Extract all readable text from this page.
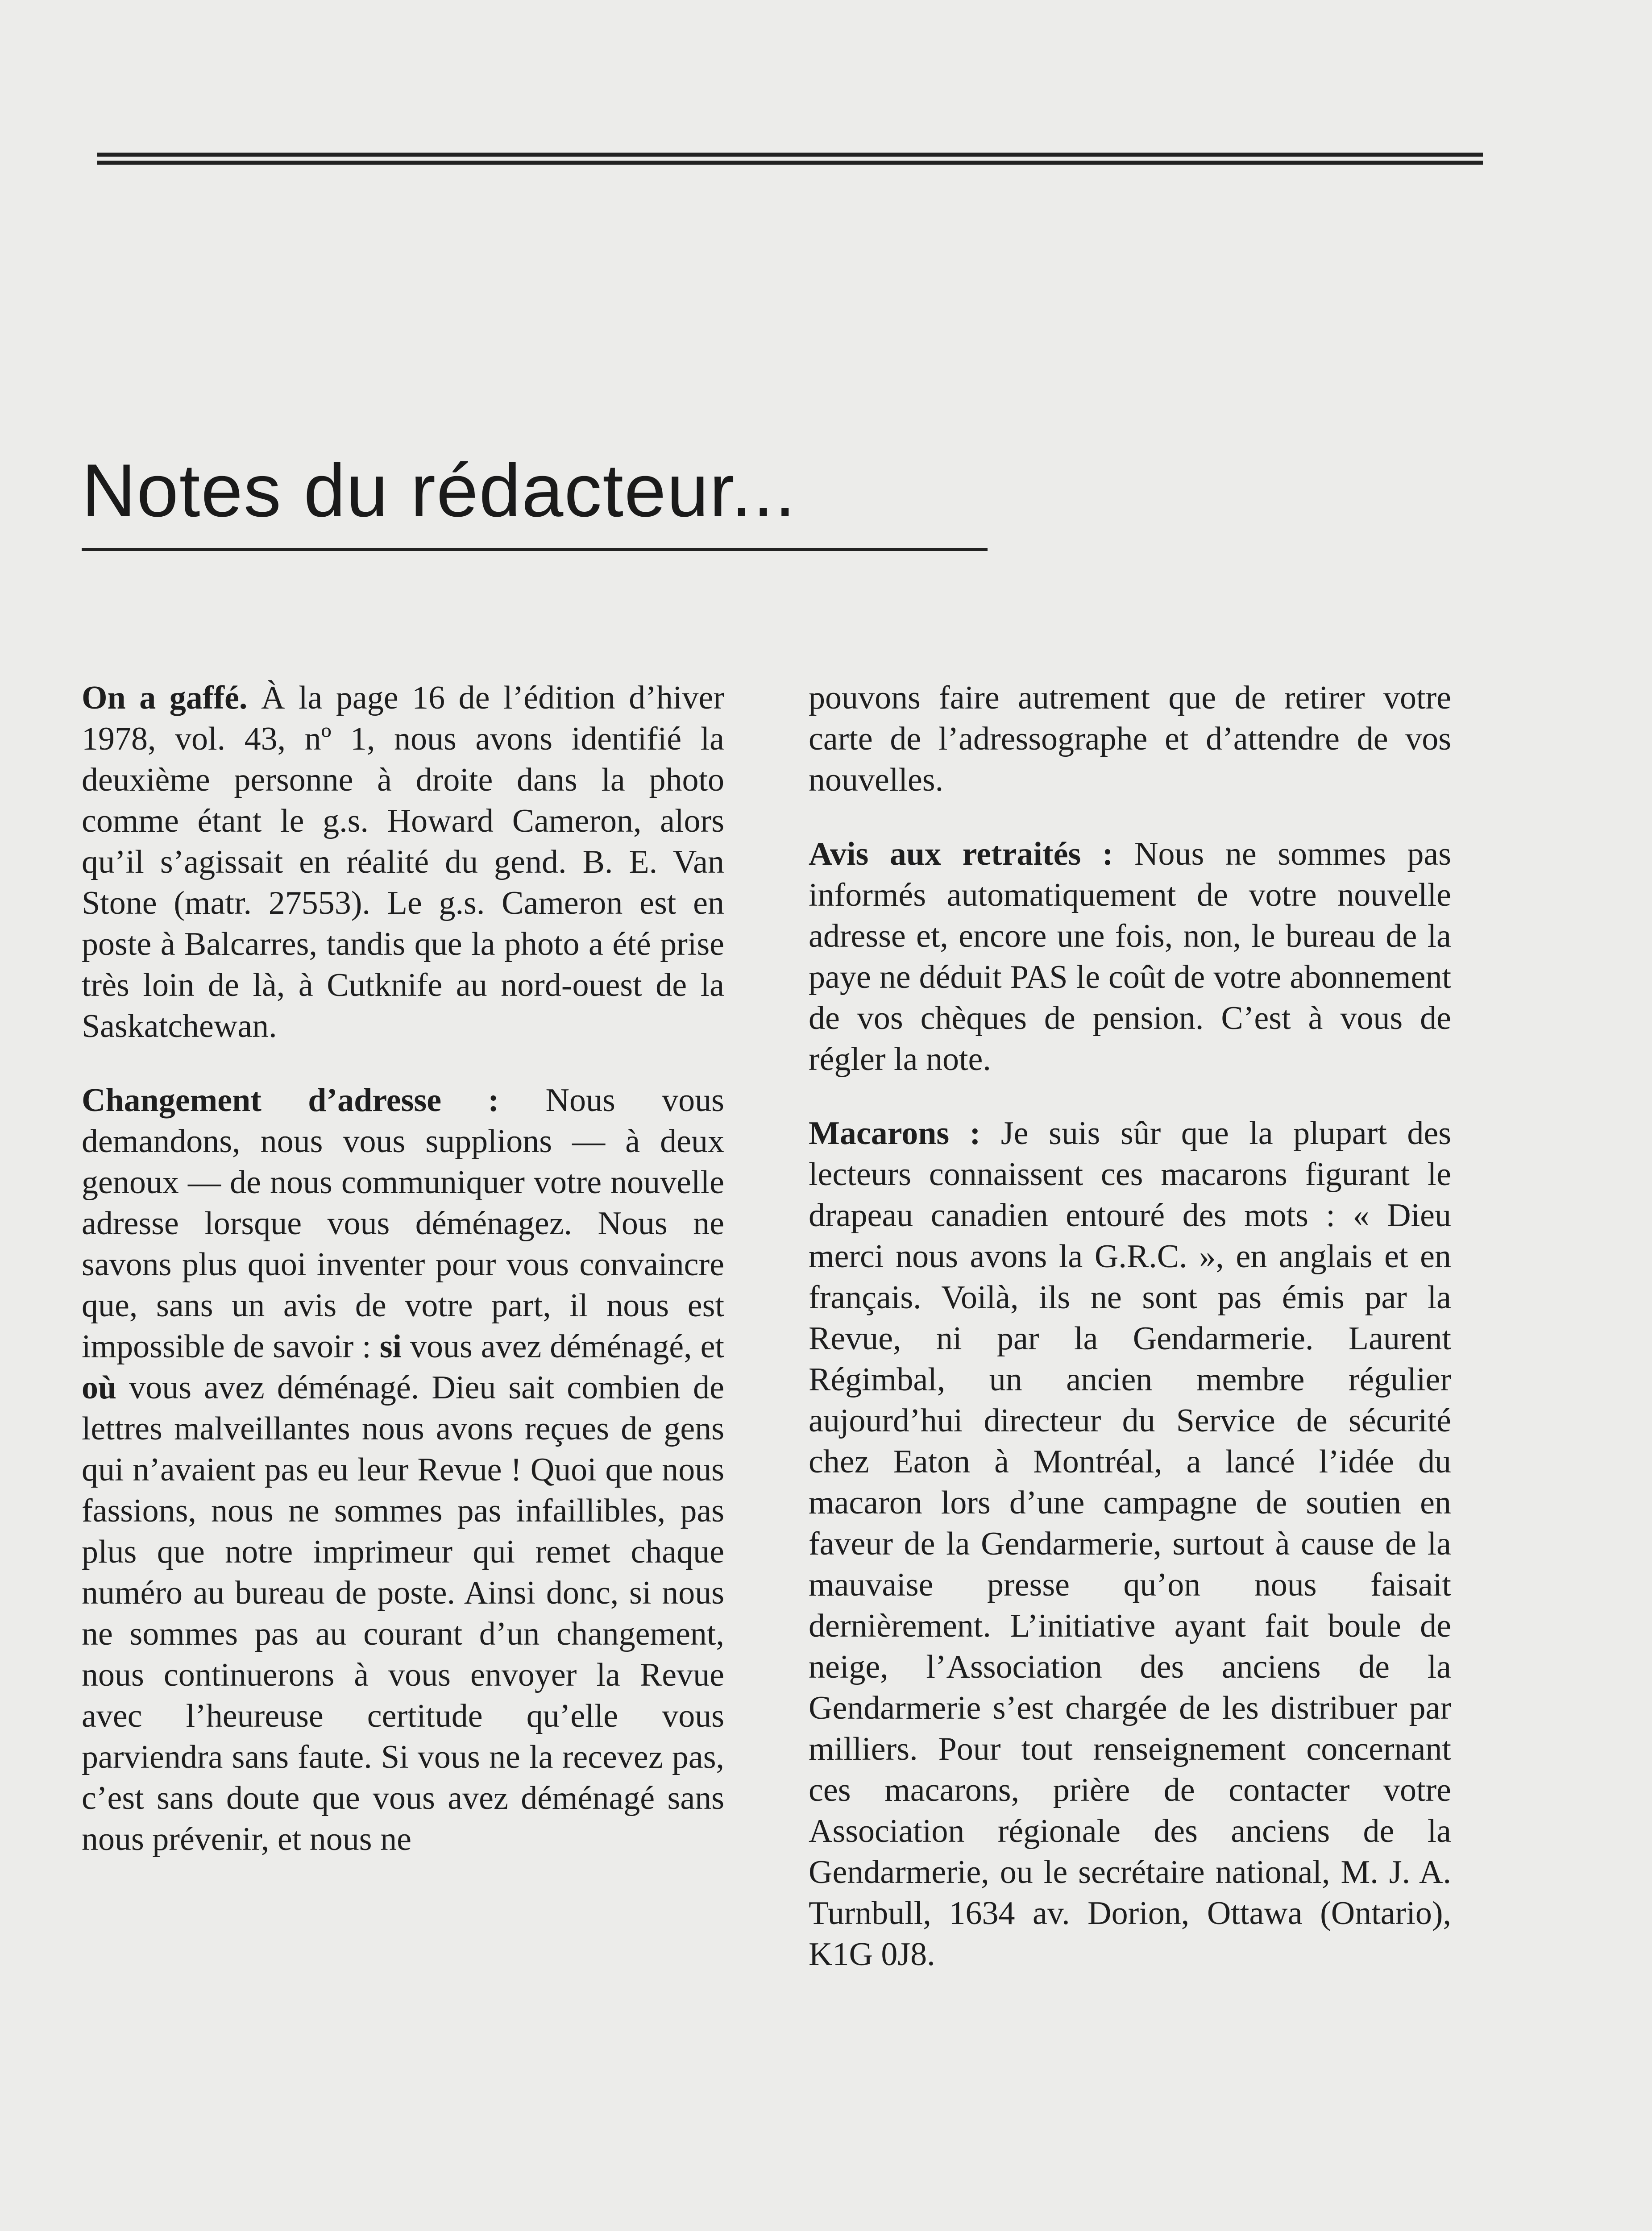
Notes du rédacteur...

On a gaffé. À la page 16 de l’édition d’hiver 1978, vol. 43, nº 1, nous avons identifié la deuxième personne à droite dans la photo comme étant le g.s. Howard Cameron, alors qu’il s’agissait en réalité du gend. B. E. Van Stone (matr. 27553). Le g.s. Cameron est en poste à Balcarres, tandis que la photo a été prise très loin de là, à Cutknife au nord-ouest de la Saskatchewan.

Changement d’adresse : Nous vous demandons, nous vous supplions — à deux genoux — de nous communiquer votre nouvelle adresse lorsque vous déménagez. Nous ne savons plus quoi inventer pour vous convaincre que, sans un avis de votre part, il nous est impossible de savoir : si vous avez déménagé, et où vous avez déménagé. Dieu sait combien de lettres malveillantes nous avons reçues de gens qui n’avaient pas eu leur Revue ! Quoi que nous fassions, nous ne sommes pas infaillibles, pas plus que notre imprimeur qui remet chaque numéro au bureau de poste. Ainsi donc, si nous ne sommes pas au courant d’un changement, nous continuerons à vous envoyer la Revue avec l’heureuse certitude qu’elle vous parviendra sans faute. Si vous ne la recevez pas, c’est sans doute que vous avez déménagé sans nous prévenir, et nous ne

pouvons faire autrement que de retirer votre carte de l’adressographe et d’attendre de vos nouvelles.

Avis aux retraités : Nous ne sommes pas informés automatiquement de votre nouvelle adresse et, encore une fois, non, le bureau de la paye ne déduit PAS le coût de votre abonnement de vos chèques de pension. C’est à vous de régler la note.

Macarons : Je suis sûr que la plupart des lecteurs connaissent ces macarons figurant le drapeau canadien entouré des mots : « Dieu merci nous avons la G.R.C. », en anglais et en français. Voilà, ils ne sont pas émis par la Revue, ni par la Gendarmerie. Laurent Régimbal, un ancien membre régulier aujourd’hui directeur du Service de sécurité chez Eaton à Montréal, a lancé l’idée du macaron lors d’une campagne de soutien en faveur de la Gendarmerie, surtout à cause de la mauvaise presse qu’on nous faisait dernièrement. L’initiative ayant fait boule de neige, l’Association des anciens de la Gendarmerie s’est chargée de les distribuer par milliers. Pour tout renseignement concernant ces macarons, prière de contacter votre Association régionale des anciens de la Gendarmerie, ou le secrétaire national, M. J. A. Turnbull, 1634 av. Dorion, Ottawa (Ontario), K1G 0J8.
